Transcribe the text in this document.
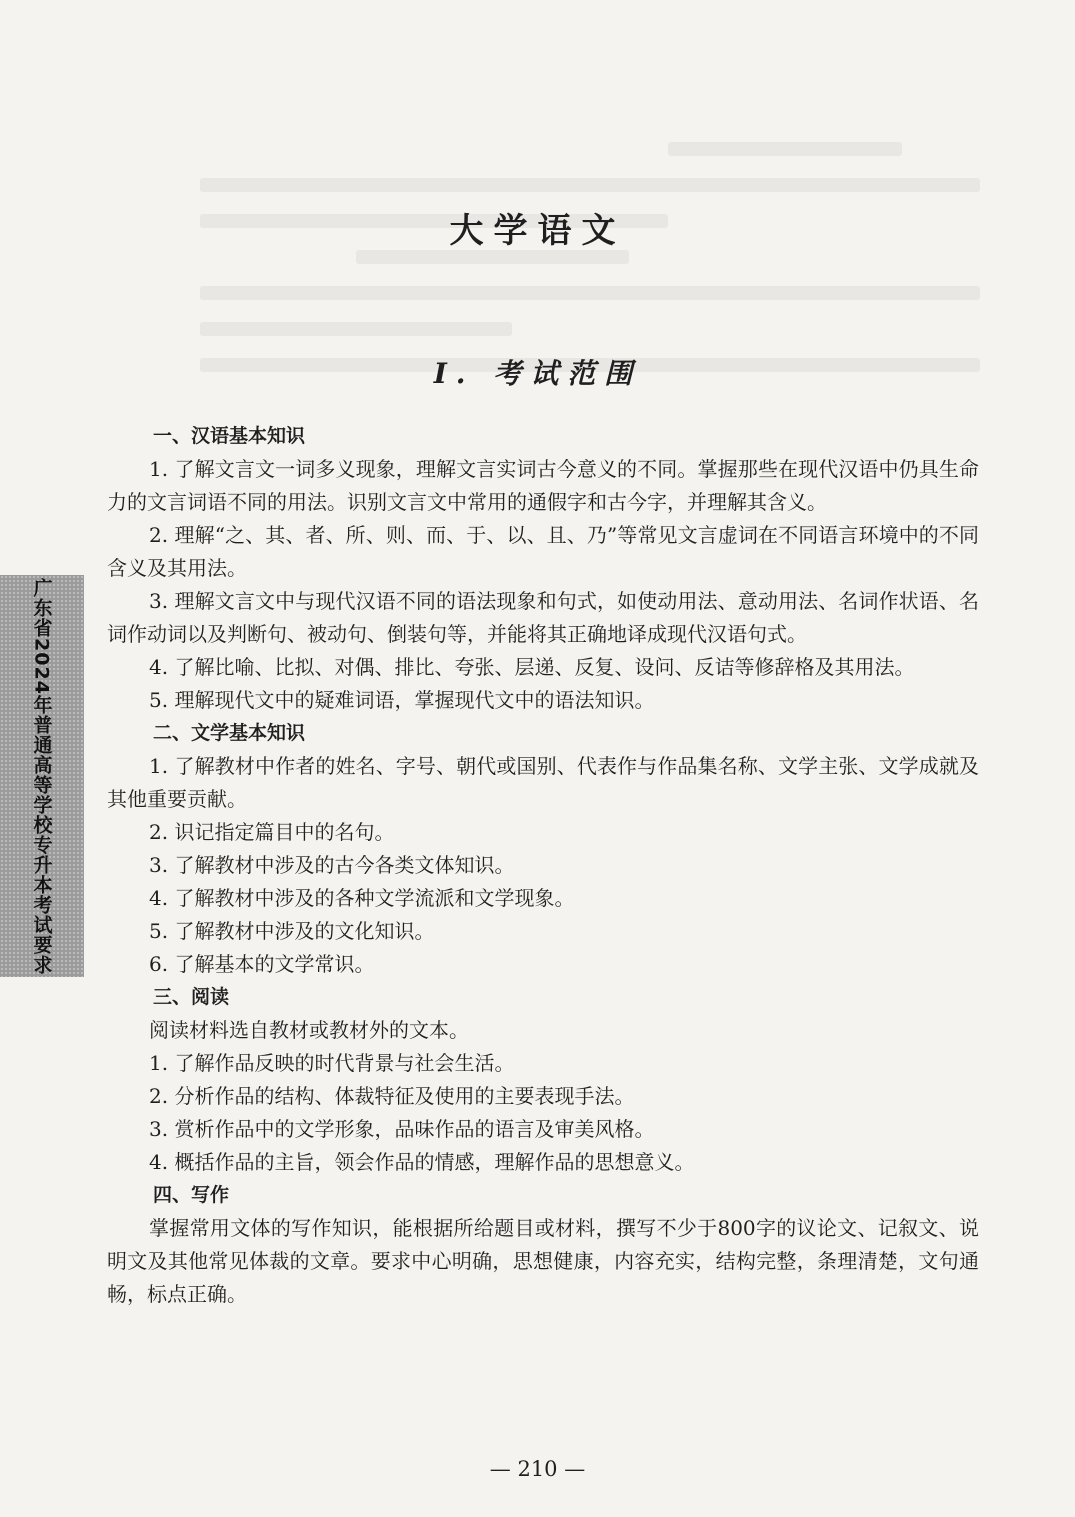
大学语文
Ⅰ. 考试范围
一、汉语基本知识
1. 了解文言文一词多义现象，理解文言实词古今意义的不同。掌握那些在现代汉语中仍具生命力的文言词语不同的用法。识别文言文中常用的通假字和古今字，并理解其含义。
2. 理解“之、其、者、所、则、而、于、以、且、乃”等常见文言虚词在不同语言环境中的不同含义及其用法。
3. 理解文言文中与现代汉语不同的语法现象和句式，如使动用法、意动用法、名词作状语、名词作动词以及判断句、被动句、倒装句等，并能将其正确地译成现代汉语句式。
4. 了解比喻、比拟、对偶、排比、夸张、层递、反复、设问、反诘等修辞格及其用法。
5. 理解现代文中的疑难词语，掌握现代文中的语法知识。
二、文学基本知识
1. 了解教材中作者的姓名、字号、朝代或国别、代表作与作品集名称、文学主张、文学成就及其他重要贡献。
2. 识记指定篇目中的名句。
3. 了解教材中涉及的古今各类文体知识。
4. 了解教材中涉及的各种文学流派和文学现象。
5. 了解教材中涉及的文化知识。
6. 了解基本的文学常识。
三、阅读
阅读材料选自教材或教材外的文本。
1. 了解作品反映的时代背景与社会生活。
2. 分析作品的结构、体裁特征及使用的主要表现手法。
3. 赏析作品中的文学形象，品味作品的语言及审美风格。
4. 概括作品的主旨，领会作品的情感，理解作品的思想意义。
四、写作
掌握常用文体的写作知识，能根据所给题目或材料，撰写不少于800字的议论文、记叙文、说明文及其他常见体裁的文章。要求中心明确，思想健康，内容充实，结构完整，条理清楚，文句通畅，标点正确。
广东省2024年普通高等学校专升本考试要求
— 210 —
